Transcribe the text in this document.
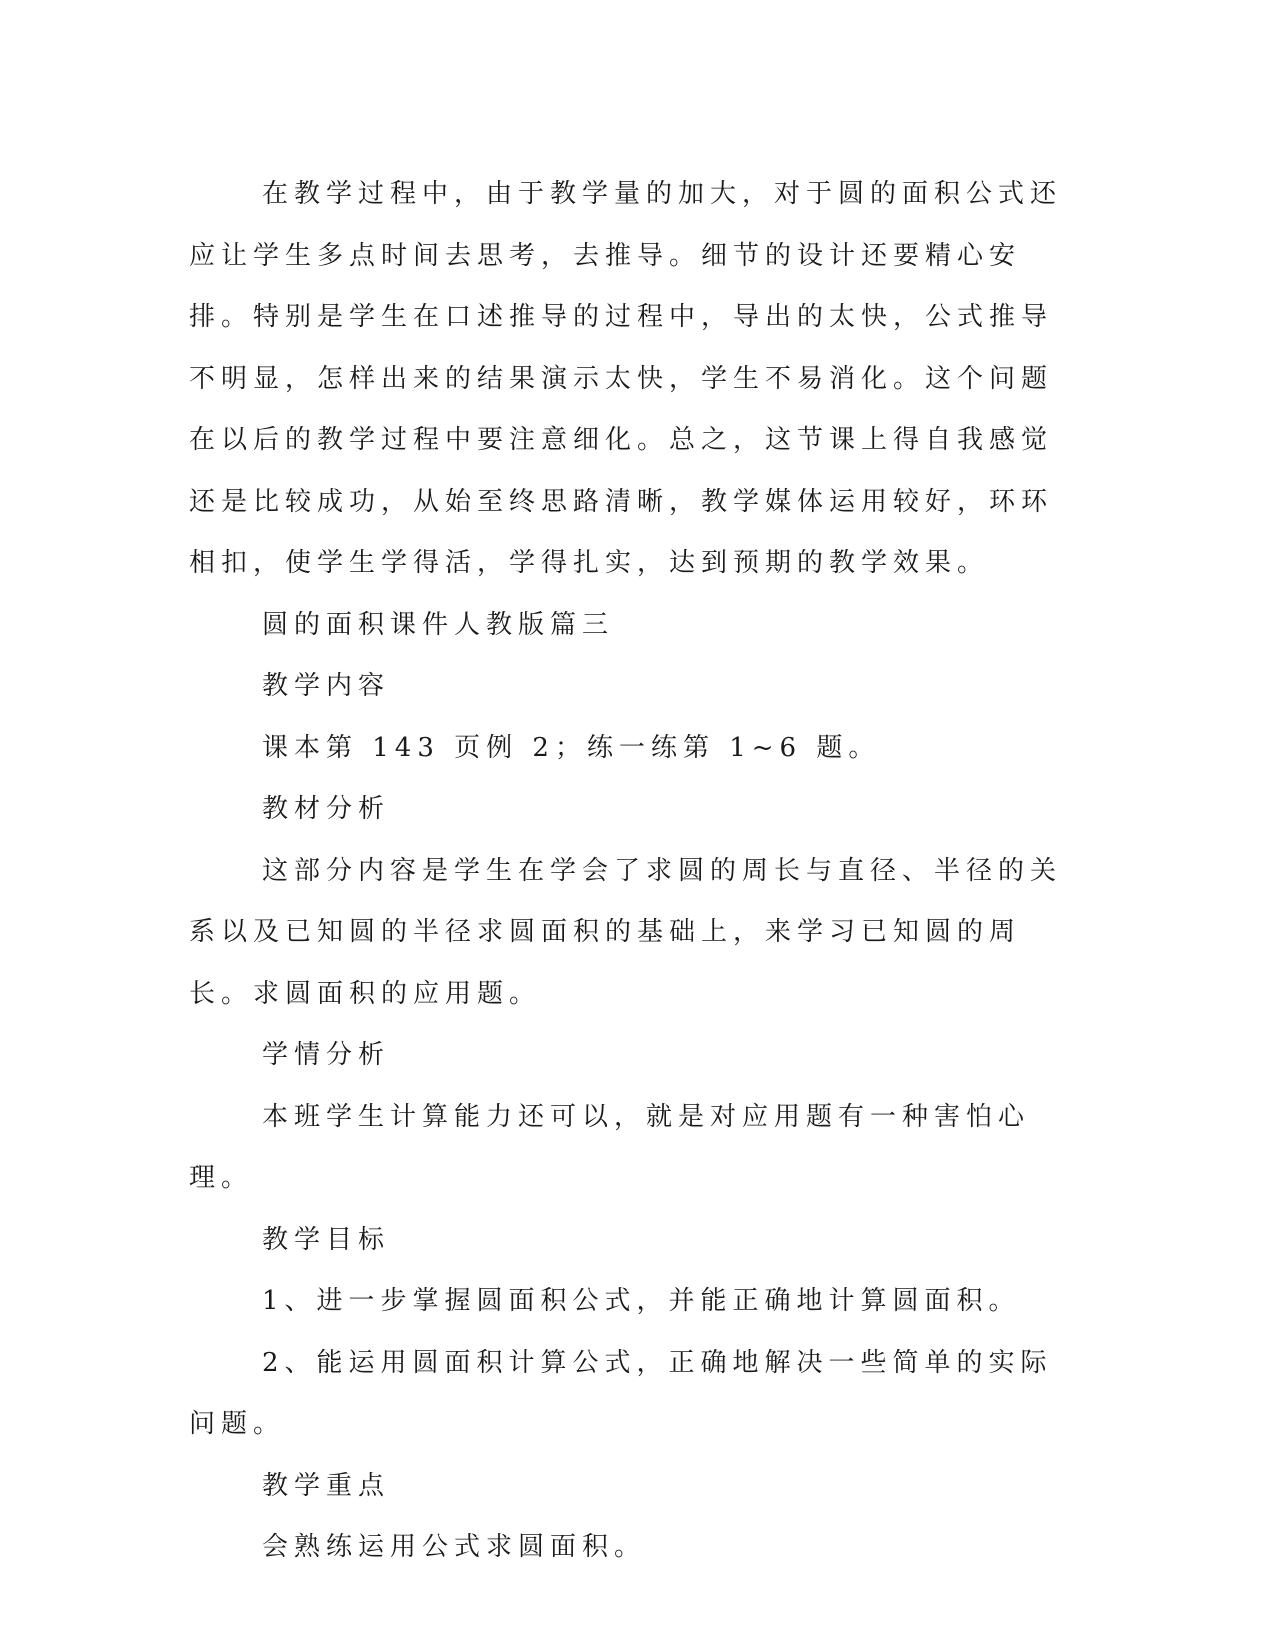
在教学过程中，由于教学量的加大，对于圆的面积公式还应让学生多点时间去思考，去推导。细节的设计还要精心安排。特别是学生在口述推导的过程中，导出的太快，公式推导不明显，怎样出来的结果演示太快，学生不易消化。这个问题在以后的教学过程中要注意细化。总之，这节课上得自我感觉还是比较成功，从始至终思路清晰，教学媒体运用较好，环环相扣，使学生学得活，学得扎实，达到预期的教学效果。

圆的面积课件人教版篇三

教学内容

课本第 143 页例 2；练一练第 1~6 题。

教材分析

这部分内容是学生在学会了求圆的周长与直径、半径的关系以及已知圆的半径求圆面积的基础上，来学习已知圆的周长。求圆面积的应用题。

学情分析

本班学生计算能力还可以，就是对应用题有一种害怕心理。

教学目标

1、进一步掌握圆面积公式，并能正确地计算圆面积。

2、能运用圆面积计算公式，正确地解决一些简单的实际问题。

教学重点

会熟练运用公式求圆面积。
